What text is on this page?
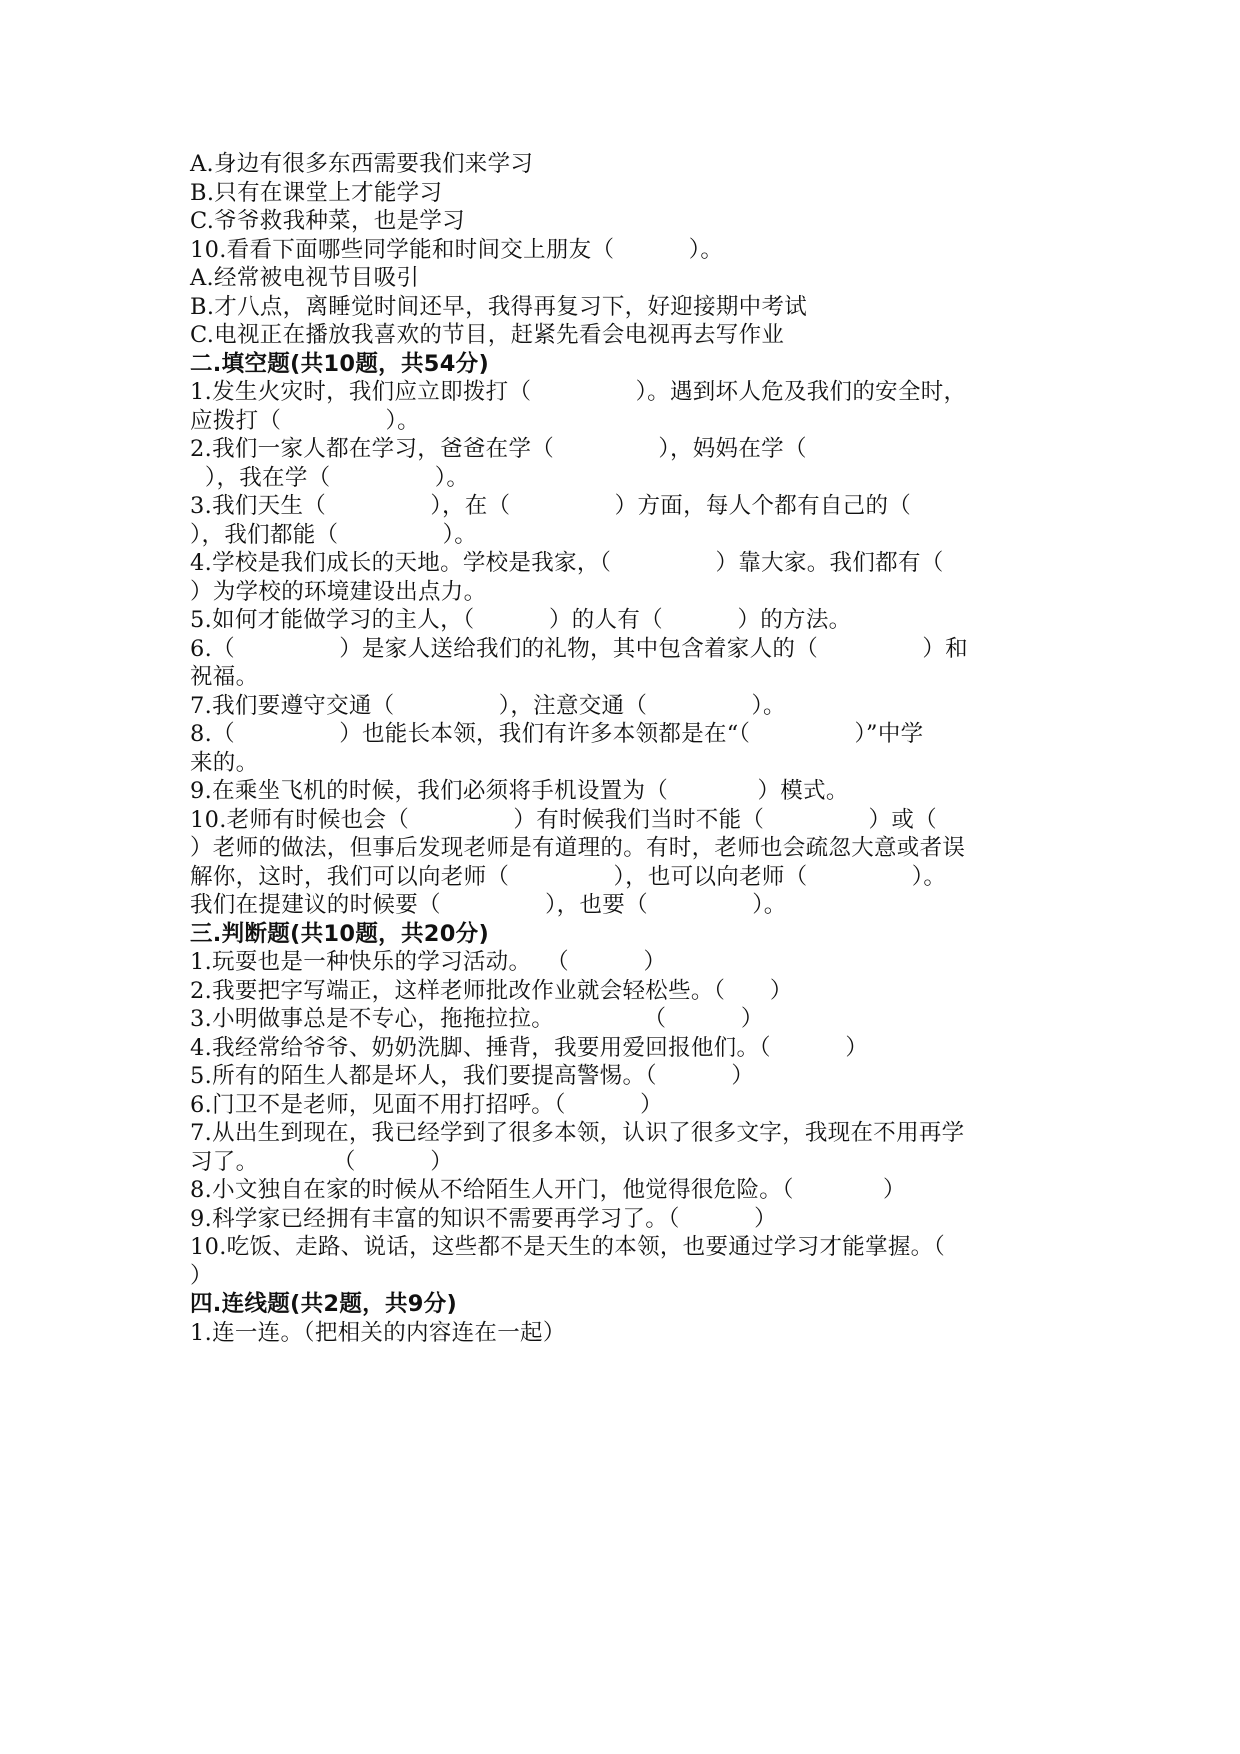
A.身边有很多东西需要我们来学习

B.只有在课堂上才能学习

C.爷爷救我种菜，也是学习

10.看看下面哪些同学能和时间交上朋友（          ）。

A.经常被电视节目吸引

B.才八点，离睡觉时间还早，我得再复习下，好迎接期中考试

C.电视正在播放我喜欢的节目，赶紧先看会电视再去写作业

二.填空题(共10题，共54分)

1.发生火灾时，我们应立即拨打（              ）。遇到坏人危及我们的安全时，

应拨打（              ）。

2.我们一家人都在学习，爸爸在学（              ），妈妈在学（

），我在学（              ）。

3.我们天生（              ），在（              ）方面，每人个都有自己的（

），我们都能（              ）。

4.学校是我们成长的天地。学校是我家，（              ）靠大家。我们都有（

）为学校的环境建设出点力。

5.如何才能做学习的主人，（          ）的人有（          ）的方法。

6.（              ）是家人送给我们的礼物，其中包含着家人的（              ）和

祝福。

7.我们要遵守交通（              ），注意交通（              ）。

8.（              ）也能长本领，我们有许多本领都是在“（              ）”中学

来的。

9.在乘坐飞机的时候，我们必须将手机设置为（            ）模式。

10.老师有时候也会（              ）有时候我们当时不能（              ）或（

）老师的做法，但事后发现老师是有道理的。有时，老师也会疏忽大意或者误

解你，这时，我们可以向老师（              ），也可以向老师（              ）。

我们在提建议的时候要（              ），也要（              ）。

三.判断题(共10题，共20分)

1.玩耍也是一种快乐的学习活动。  （          ）

2.我要把字写端正，这样老师批改作业就会轻松些。（      ）

3.小明做事总是不专心，拖拖拉拉。            （          ）

4.我经常给爷爷、奶奶洗脚、捶背，我要用爱回报他们。（          ）

5.所有的陌生人都是坏人，我们要提高警惕。（          ）

6.门卫不是老师，见面不用打招呼。（          ）

7.从出生到现在，我已经学到了很多本领，认识了很多文字，我现在不用再学

习了。          （          ）

8.小文独自在家的时候从不给陌生人开门，他觉得很危险。（            ）

9.科学家已经拥有丰富的知识不需要再学习了。（          ）

10.吃饭、走路、说话，这些都不是天生的本领，也要通过学习才能掌握。（

）

四.连线题(共2题，共9分)

1.连一连。（把相关的内容连在一起）
